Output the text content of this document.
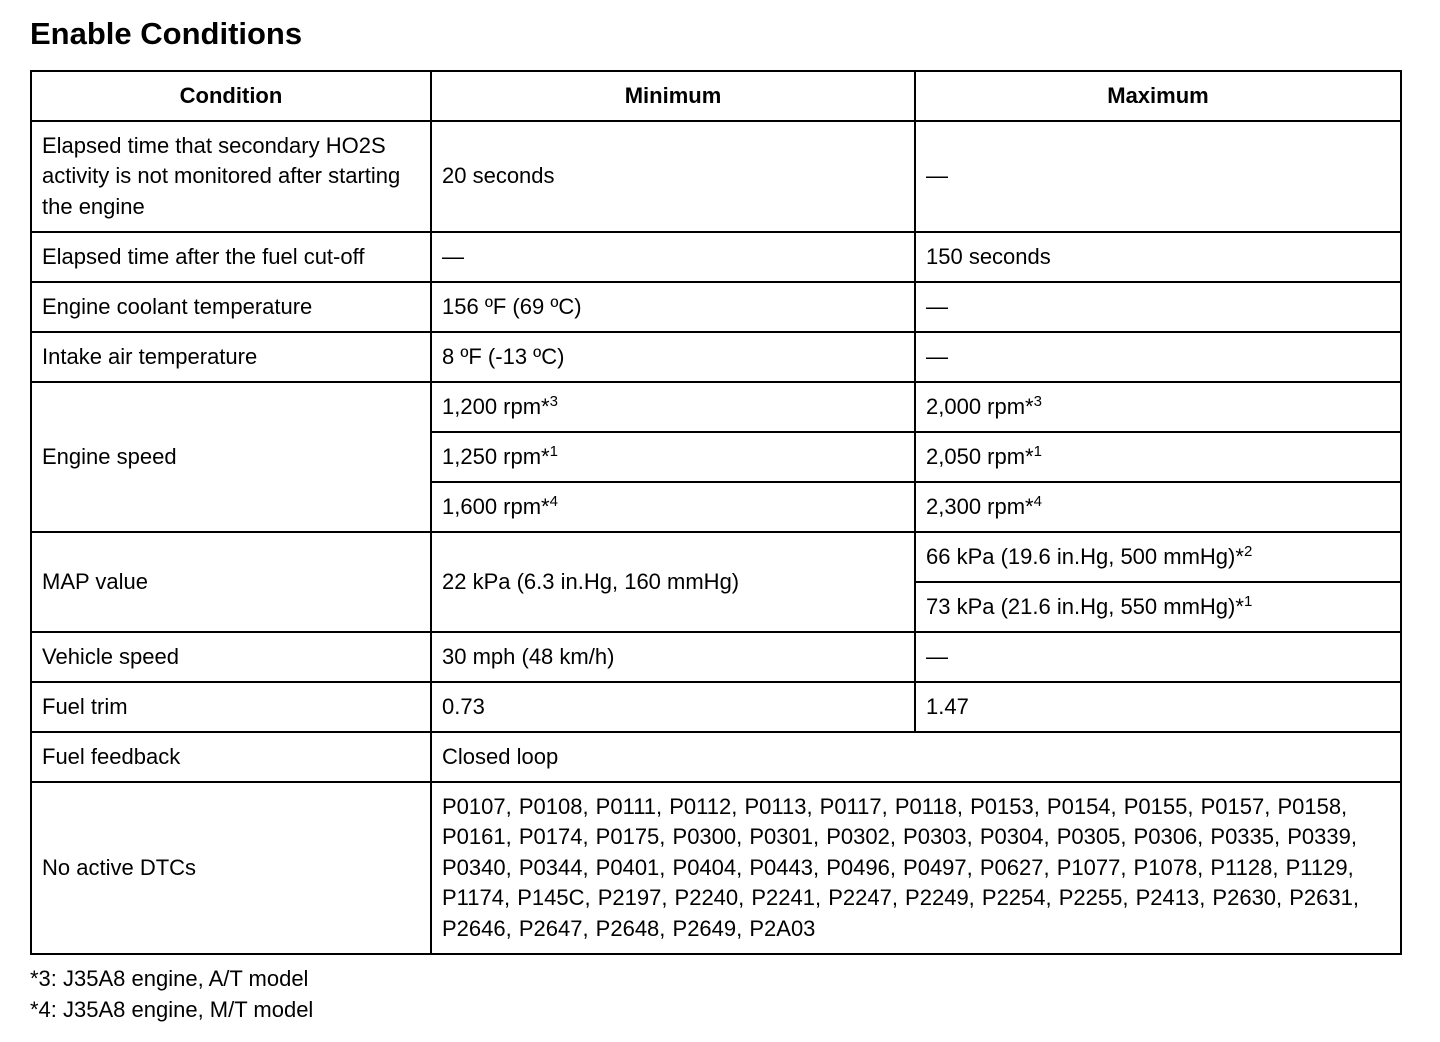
Enable Conditions
Condition	Minimum	Maximum
Elapsed time that secondary HO2S activity is not monitored after starting the engine	20 seconds	—
Elapsed time after the fuel cut-off	—	150 seconds
Engine coolant temperature	156 ºF (69 ºC)	—
Intake air temperature	8 ºF (-13 ºC)	—
Engine speed	1,200 rpm*$^3$	2,000 rpm*$^3$
	1,250 rpm*$^1$	2,050 rpm*$^1$
	1,600 rpm*$^4$	2,300 rpm*$^4$
MAP value	22 kPa (6.3 in.Hg, 160 mmHg)	66 kPa (19.6 in.Hg, 500 mmHg)*$^2$
		73 kPa (21.6 in.Hg, 550 mmHg)*$^1$
Vehicle speed	30 mph (48 km/h)	—
Fuel trim	0.73	1.47
Fuel feedback	Closed loop	
No active DTCs	P0107, P0108, P0111, P0112, P0113, P0117, P0118, P0153, P0154, P0155, P0157, P0158, P0161, P0174, P0175, P0300, P0301, P0302, P0303, P0304, P0305, P0306, P0335, P0339, P0340, P0344, P0401, P0404, P0443, P0496, P0497, P0627, P1077, P1078, P1128, P1129, P1174, P145C, P2197, P2240, P2241, P2247, P2249, P2254, P2255, P2413, P2630, P2631, P2646, P2647, P2648, P2649, P2A03	
*3: J35A8 engine, A/T model
*4: J35A8 engine, M/T model
